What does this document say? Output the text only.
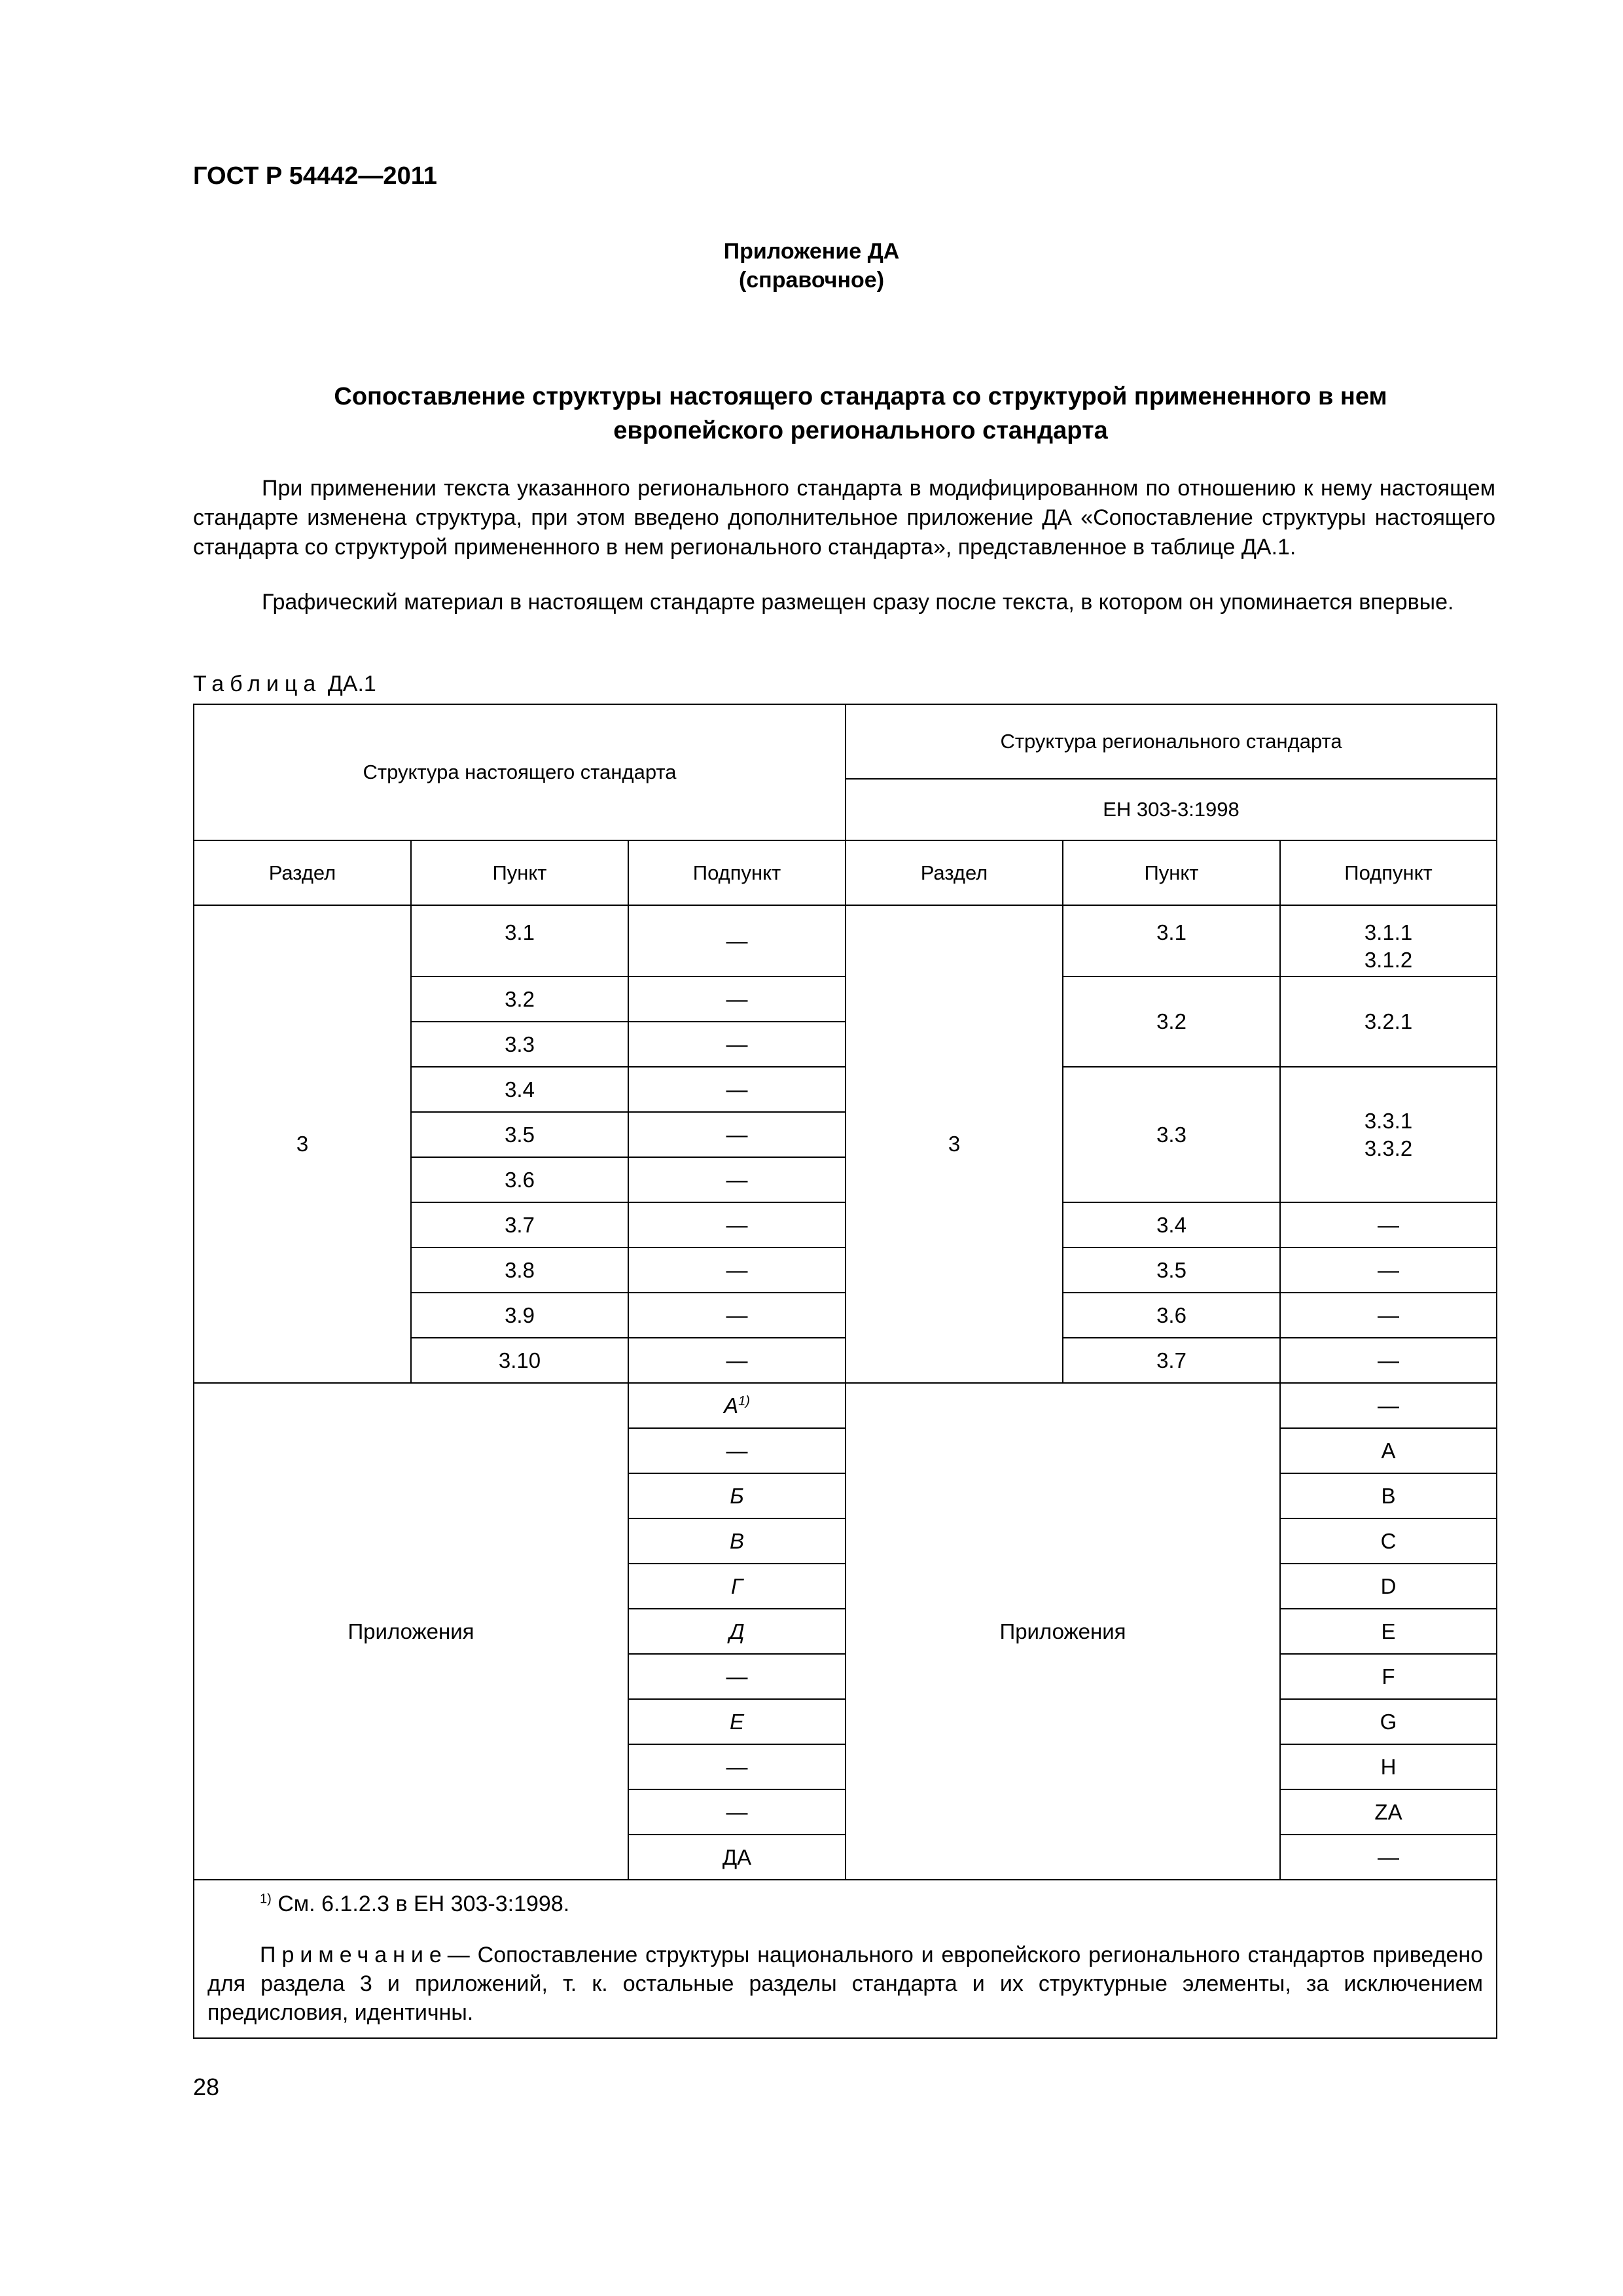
ГОСТ Р 54442—2011
Приложение ДА
(справочное)
Сопоставление структуры настоящего стандарта со структурой примененного в нем европейского регионального стандарта

При применении текста указанного регионального стандарта в модифицированном по отношению к нему настоящем стандарте изменена структура, при этом введено дополнительное приложение ДА «Сопоставление структуры настоящего стандарта со структурой примененного в нем регионального стандарта», представленное в таблице ДА.1.

Графический материал в настоящем стандарте размещен сразу после текста, в котором он упоминается впервые.

Таблица ДА.1
Структура настоящего стандарта			Структура регионального стандарта		
			ЕН 303-3:1998		
Раздел	Пункт	Подпункт	Раздел	Пункт	Подпункт
3	3.1	—	3	3.1	3.1.1
3.1.2

	3.2	—		3.2	3.2.1
	3.3	—			
	3.4	—		3.3	3.3.1
3.3.2

	3.5	—			
	3.6	—			
	3.7	—		3.4	—
	3.8	—		3.5	—
	3.9	—		3.6	—
	3.10	—		3.7	—
Приложения		$А^{1)}$	Приложения		—
		—			A
		Б			B
		В			C
		Г			D
		Д			E
		—			F
		Е			G
		—			H
		—			ZA
		ДА			—

$^{1)}$ См. 6.1.2.3 в ЕН 303-3:1998.
Примечание— Сопоставление структуры национального и европейского регионального стандартов приведено для раздела 3 и приложений, т. к. остальные разделы стандарта и их структурные элементы, за исключением предисловия, идентичны.					
28
